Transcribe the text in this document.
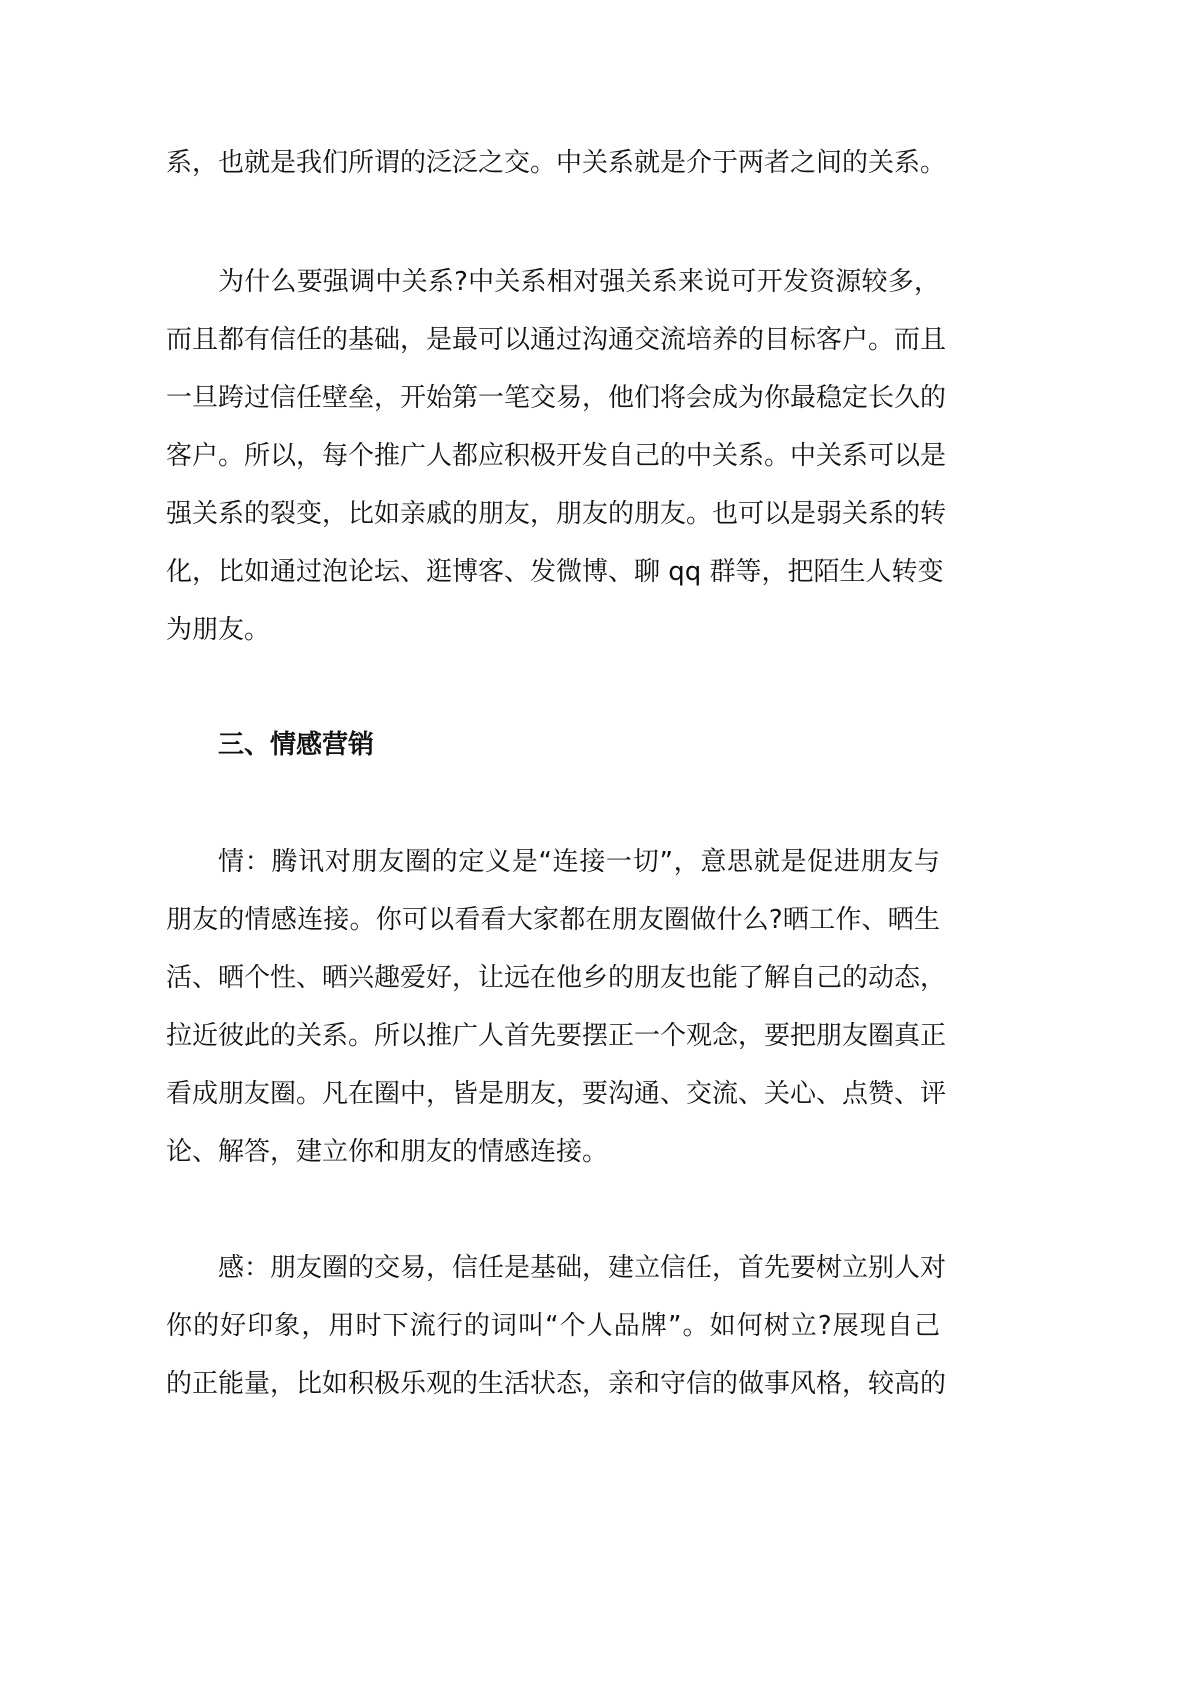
系，也就是我们所谓的泛泛之交。中关系就是介于两者之间的关系。
为什么要强调中关系?中关系相对强关系来说可开发资源较多，
而且都有信任的基础，是最可以通过沟通交流培养的目标客户。而且
一旦跨过信任壁垒，开始第一笔交易，他们将会成为你最稳定长久的
客户。所以，每个推广人都应积极开发自己的中关系。中关系可以是
强关系的裂变，比如亲戚的朋友，朋友的朋友。也可以是弱关系的转
化，比如通过泡论坛、逛博客、发微博、聊 qq 群等，把陌生人转变
为朋友。
三、情感营销
情：腾讯对朋友圈的定义是“连接一切”，意思就是促进朋友与
朋友的情感连接。你可以看看大家都在朋友圈做什么?晒工作、晒生
活、晒个性、晒兴趣爱好，让远在他乡的朋友也能了解自己的动态，
拉近彼此的关系。所以推广人首先要摆正一个观念，要把朋友圈真正
看成朋友圈。凡在圈中，皆是朋友，要沟通、交流、关心、点赞、评
论、解答，建立你和朋友的情感连接。
感：朋友圈的交易，信任是基础，建立信任，首先要树立别人对
你的好印象，用时下流行的词叫“个人品牌”。如何树立?展现自己
的正能量，比如积极乐观的生活状态，亲和守信的做事风格，较高的
